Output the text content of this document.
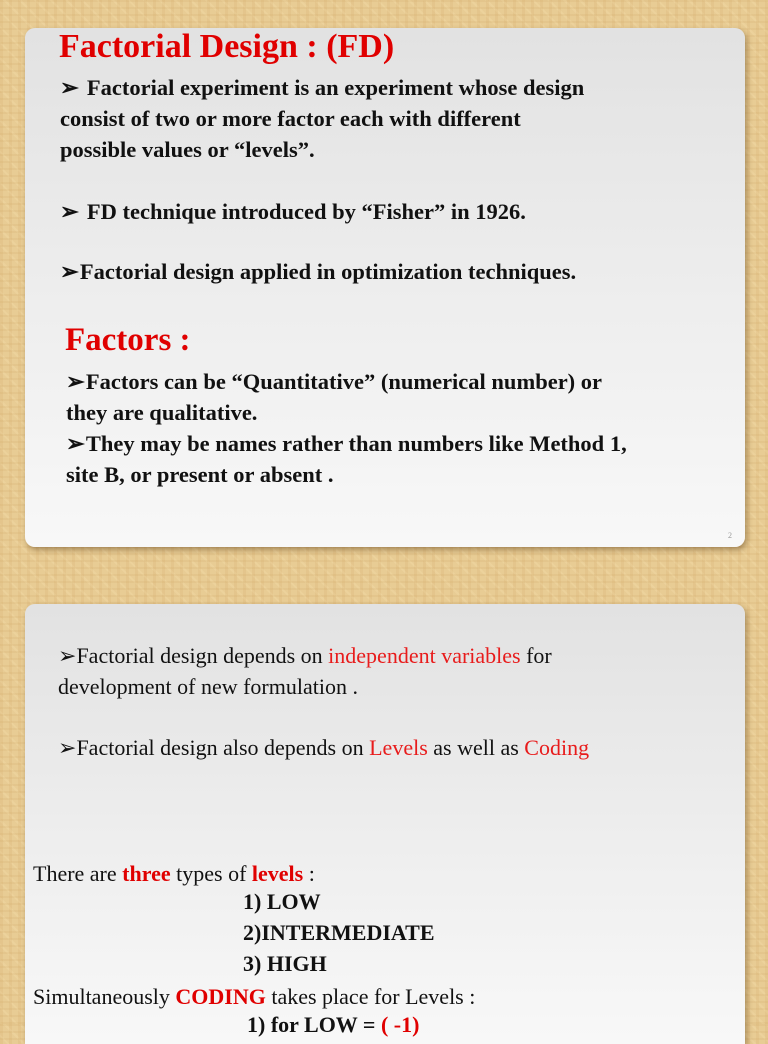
Factorial Design : (FD)
➢ Factorial experiment is an experiment whose design
consist of two or more factor each with different
possible values or “levels”.
➢ FD technique introduced by “Fisher” in 1926.
➢Factorial design applied in optimization techniques.
Factors :
➢Factors can be “Quantitative” (numerical number) or
they are qualitative.
➢They may be names rather than numbers like Method 1,
site B, or present or absent .
2
➢Factorial design depends on independent variables for
development of new formulation .
➢Factorial design also depends on Levels as well as Coding
There are three types of levels :
1) LOW
2)INTERMEDIATE
3) HIGH
Simultaneously CODING takes place for Levels :
1) for LOW = ( -1)
